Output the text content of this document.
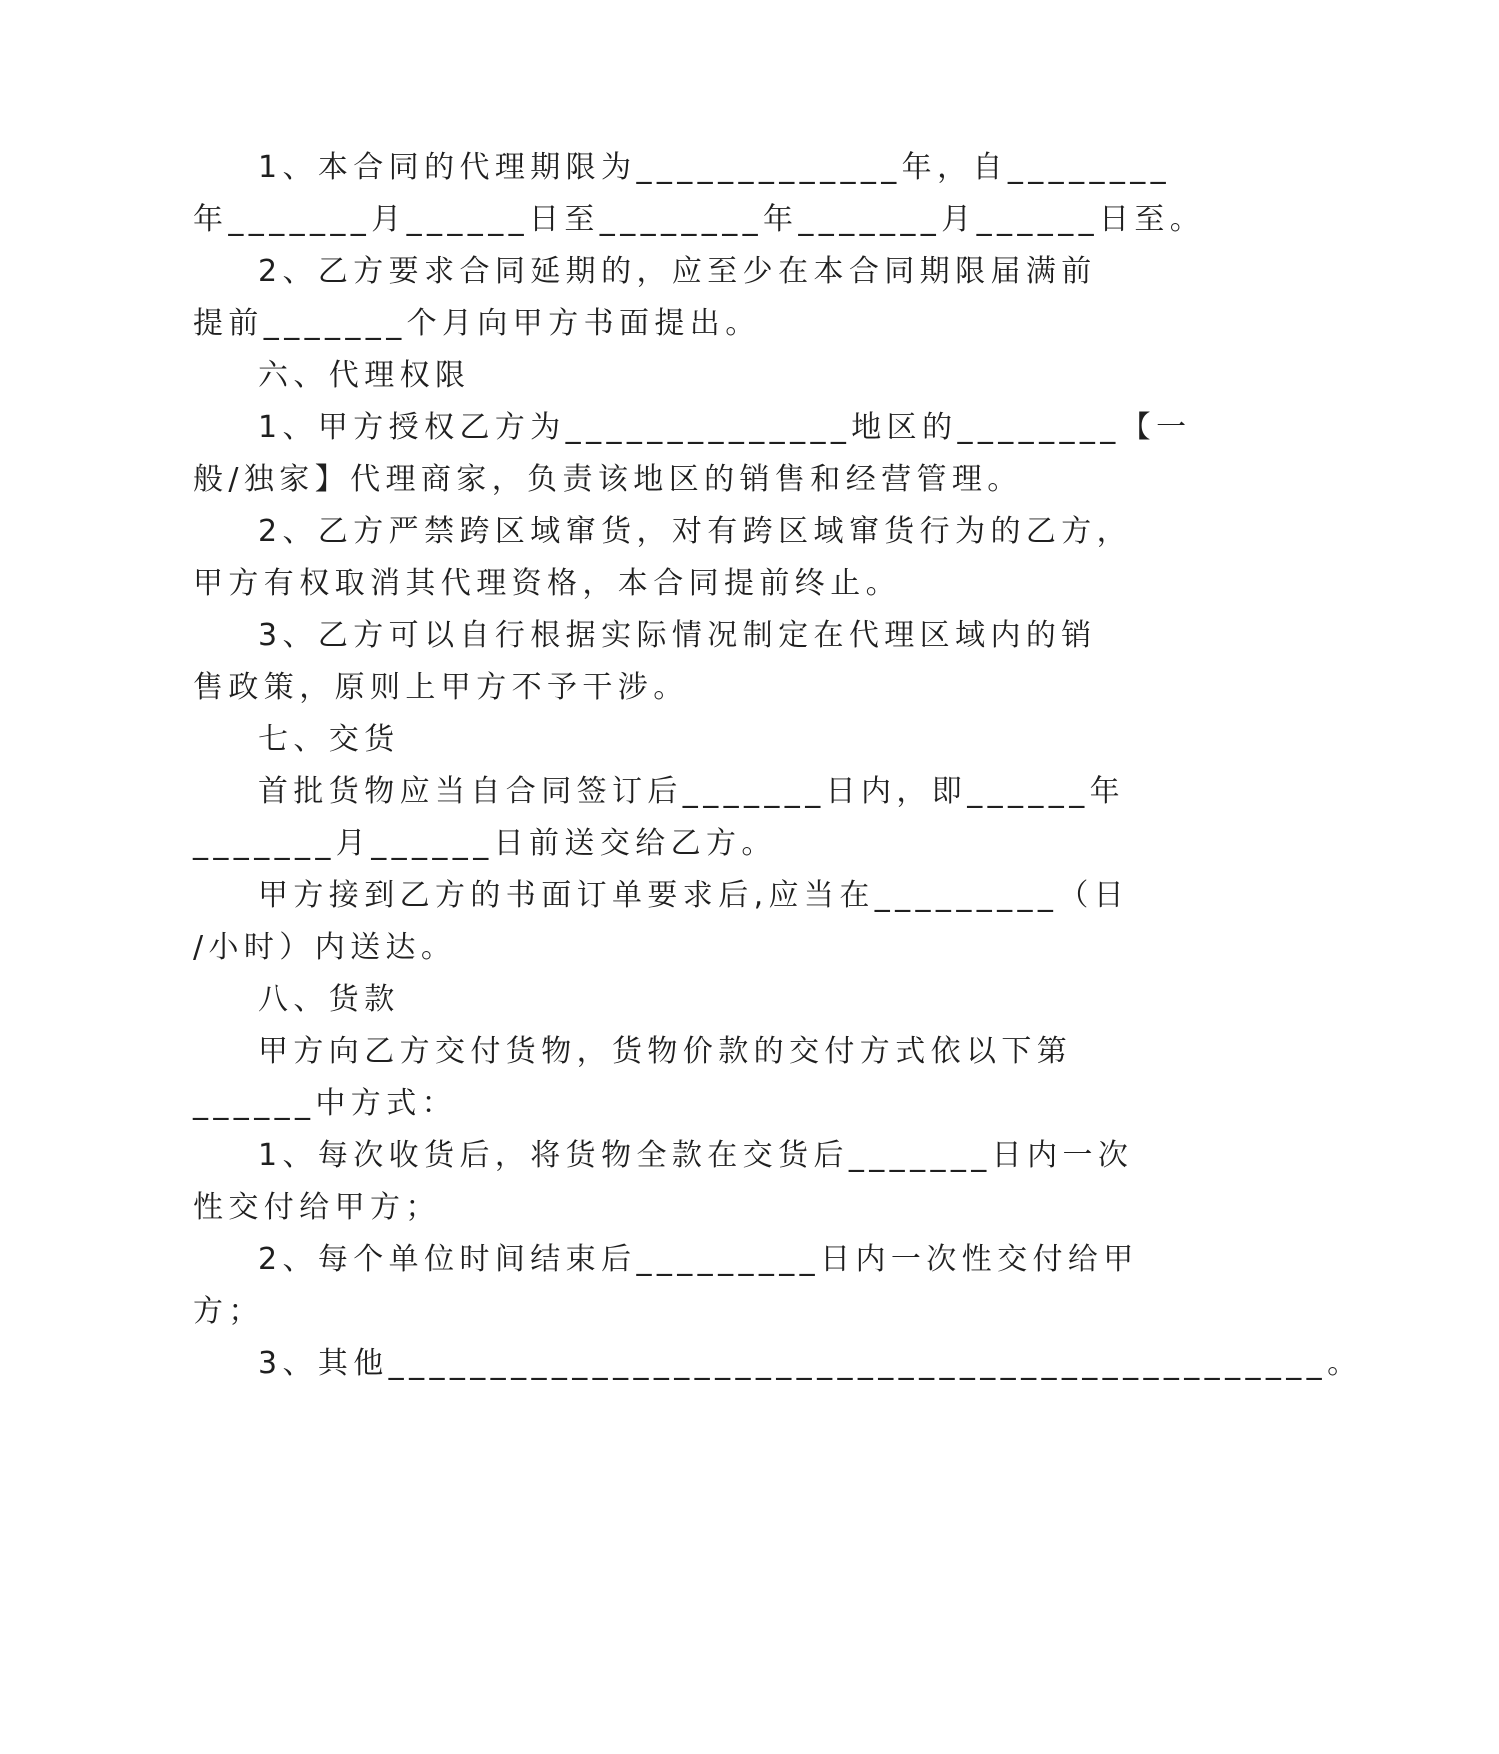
1、本合同的代理期限为_____________年，自________
年_______月______日至________年_______月______日至。
2、乙方要求合同延期的，应至少在本合同期限届满前
提前_______个月向甲方书面提出。
六、代理权限
1、甲方授权乙方为______________地区的________【一
般/独家】代理商家，负责该地区的销售和经营管理。
2、乙方严禁跨区域窜货，对有跨区域窜货行为的乙方，
甲方有权取消其代理资格，本合同提前终止。
3、乙方可以自行根据实际情况制定在代理区域内的销
售政策，原则上甲方不予干涉。
七、交货
首批货物应当自合同签订后_______日内，即______年
_______月______日前送交给乙方。
甲方接到乙方的书面订单要求后,应当在_________（日
/小时）内送达。
八、货款
甲方向乙方交付货物，货物价款的交付方式依以下第
______中方式：
1、每次收货后，将货物全款在交货后_______日内一次
性交付给甲方；
2、每个单位时间结束后_________日内一次性交付给甲
方；
3、其他______________________________________________。
